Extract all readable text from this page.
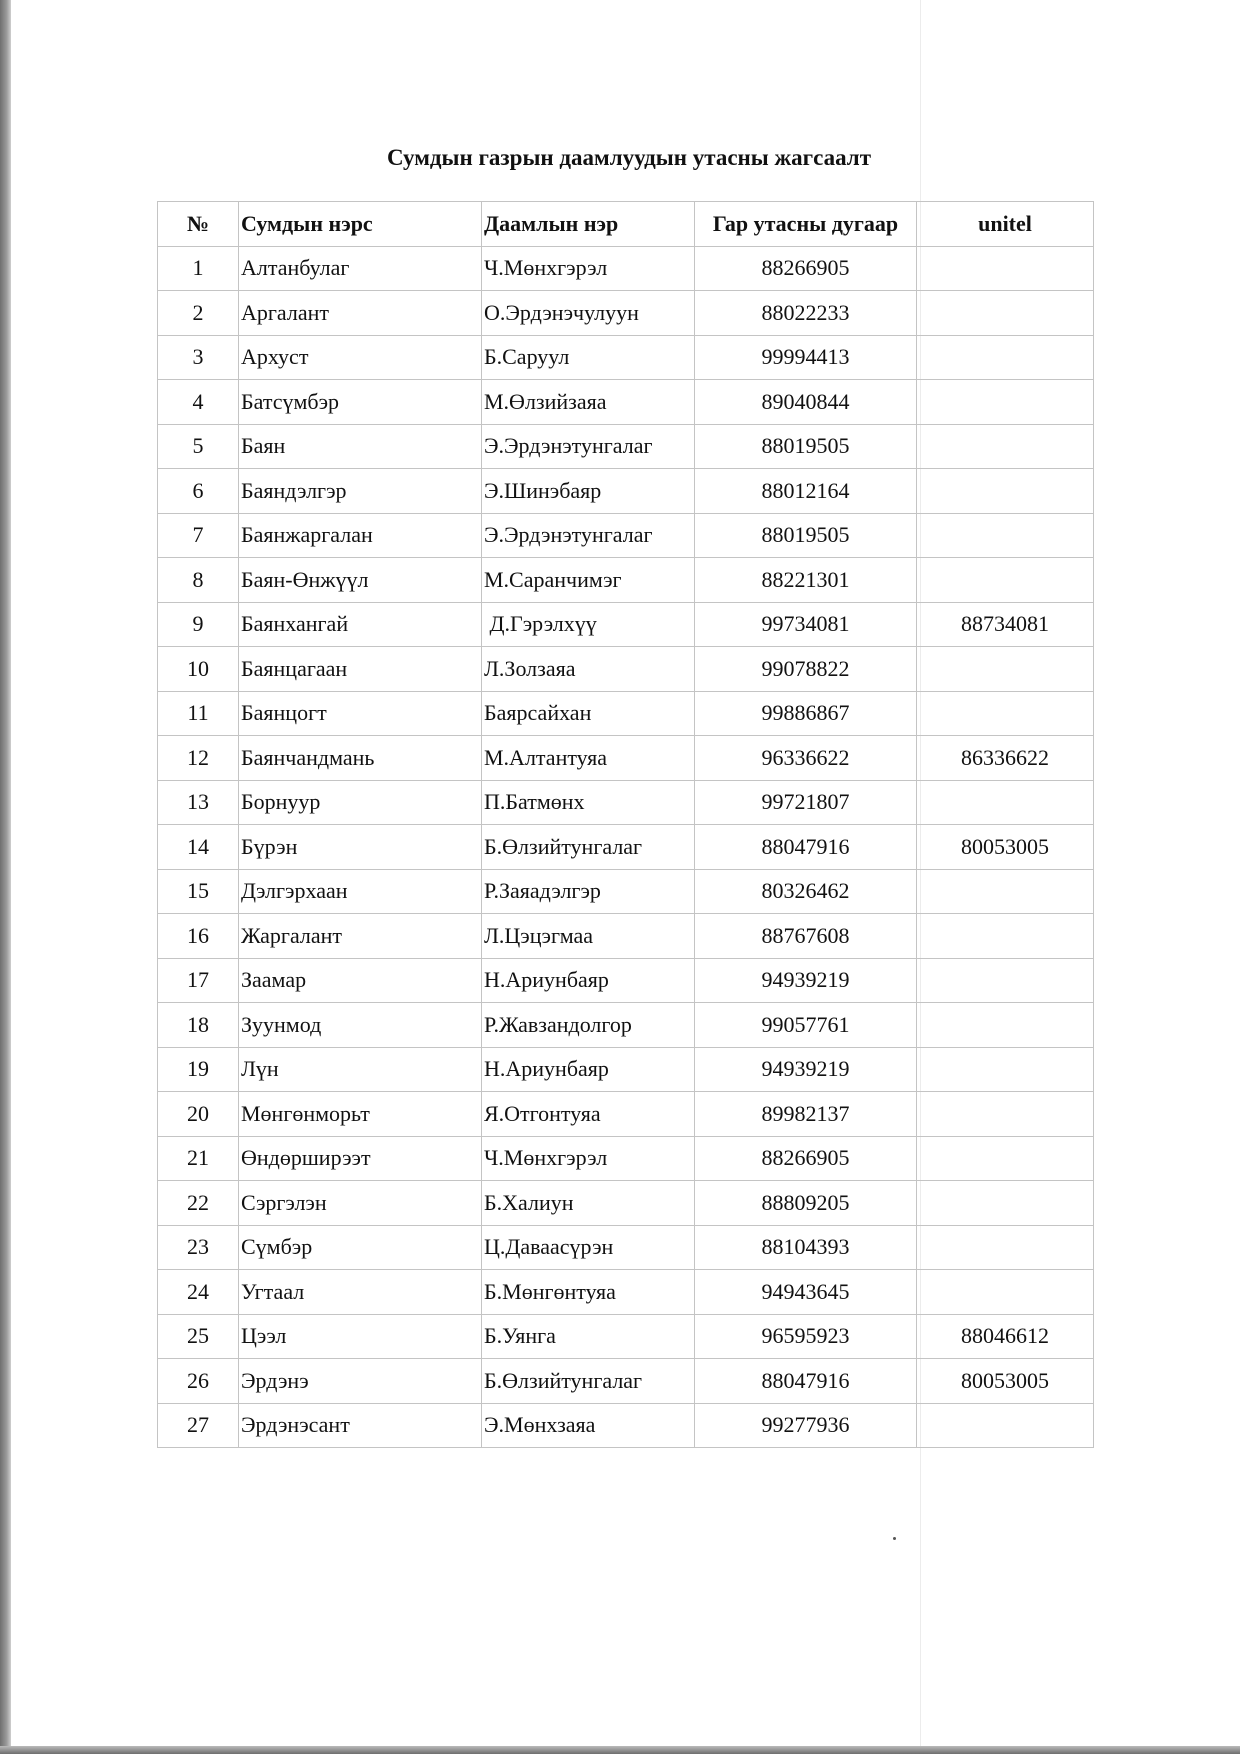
Сумдын газрын даамлуудын утасны жагсаалт
№	Сумдын нэрс	Даамлын нэр	Гар утасны дугаар	unitel
1	Алтанбулаг	Ч.Мөнхгэрэл	88266905	
2	Аргалант	О.Эрдэнэчулуун	88022233	
3	Архуст	Б.Саруул	99994413	
4	Батсүмбэр	М.Өлзийзаяа	89040844	
5	Баян	Э.Эрдэнэтунгалаг	88019505	
6	Баяндэлгэр	Э.Шинэбаяр	88012164	
7	Баянжаргалан	Э.Эрдэнэтунгалаг	88019505	
8	Баян-Өнжүүл	М.Саранчимэг	88221301	
9	Баянхангай	Д.Гэрэлхүү	99734081	88734081
10	Баянцагаан	Л.Золзаяа	99078822	
11	Баянцогт	Баярсайхан	99886867	
12	Баянчандмань	М.Алтантуяа	96336622	86336622
13	Борнуур	П.Батмөнх	99721807	
14	Бүрэн	Б.Өлзийтунгалаг	88047916	80053005
15	Дэлгэрхаан	Р.Заяадэлгэр	80326462	
16	Жаргалант	Л.Цэцэгмаа	88767608	
17	Заамар	Н.Ариунбаяр	94939219	
18	Зуунмод	Р.Жавзандолгор	99057761	
19	Лүн	Н.Ариунбаяр	94939219	
20	Мөнгөнморьт	Я.Отгонтуяа	89982137	
21	Өндөрширээт	Ч.Мөнхгэрэл	88266905	
22	Сэргэлэн	Б.Халиун	88809205	
23	Сүмбэр	Ц.Даваасүрэн	88104393	
24	Угтаал	Б.Мөнгөнтуяа	94943645	
25	Цээл	Б.Уянга	96595923	88046612
26	Эрдэнэ	Б.Өлзийтунгалаг	88047916	80053005
27	Эрдэнэсант	Э.Мөнхзаяа	99277936	
